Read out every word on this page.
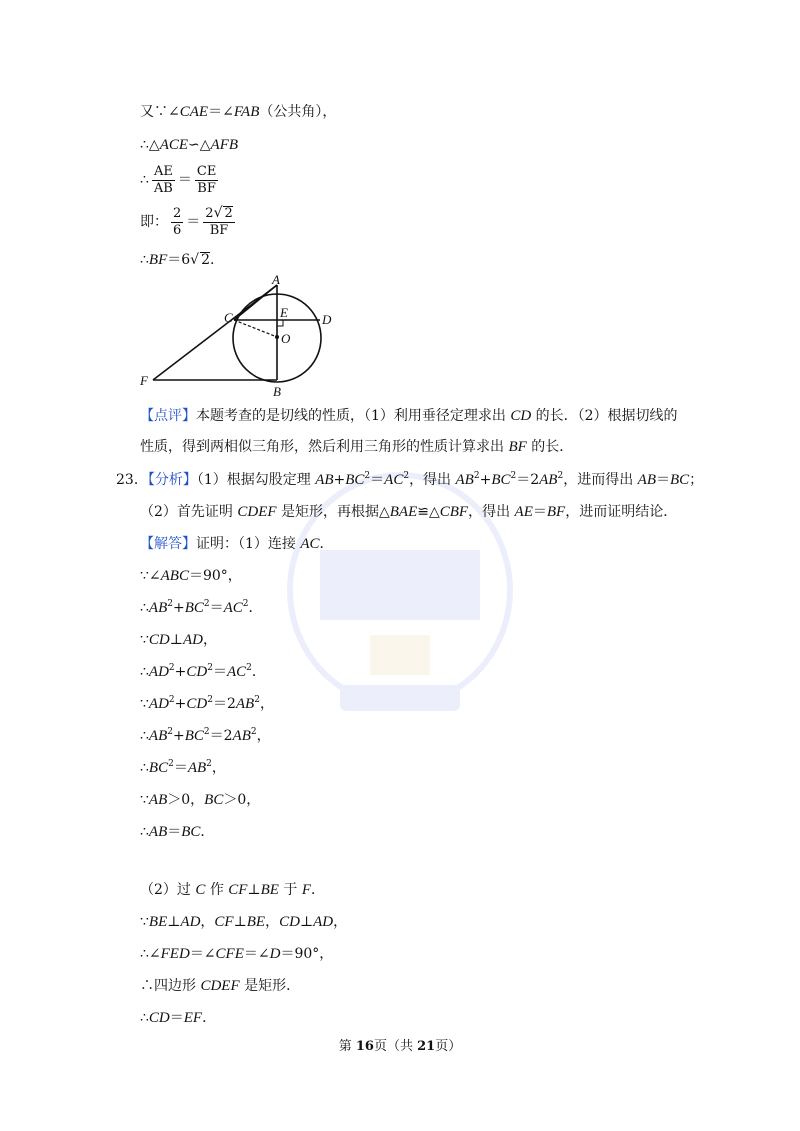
又∵∠CAE＝∠FAB（公共角），
∴△ACE∽△AFB
∴ $\frac{AE}{AB} = \frac{CE}{BF}$
即： $\frac{2}{6} = \frac{2√ 2}{BF}$
∴BF＝6√ 2.
A
C	E	D
O
F
B
【点评】本题考查的是切线的性质，（1）利用垂径定理求出 CD 的长．（2）根据切线的
性质，得到两相似三角形，然后利用三角形的性质计算求出 BF 的长．
23．【分析】（1）根据勾股定理 $AB+BC^2=AC^2$，得出 $AB^2+BC^2=2AB^2$，进而得出 AB＝BC；
（2）首先证明 CDEF 是矩形，再根据△BAE≌△CBF，得出 AE＝BF，进而证明结论．
【解答】证明：（1）连接 AC．
∵∠ABC＝90°，
$\therefore AB^2+BC^2=AC^2$．
∵CD⊥AD，
$\therefore AD^2+CD^2=AC^2$．
$\because AD^2+CD^2=2AB^2$，
$\therefore AB^2+BC^2=2AB^2$，
$\therefore BC^2=AB^2$，
∵AB＞0，BC＞0，
∴AB＝BC．
（2）过 C 作 CF⊥BE 于 F．
∵BE⊥AD，CF⊥BE，CD⊥AD，
∴∠FED＝∠CFE＝∠D＝90°，
∴四边形 CDEF 是矩形．
∴CD＝EF．
第 16页（共 21页）
